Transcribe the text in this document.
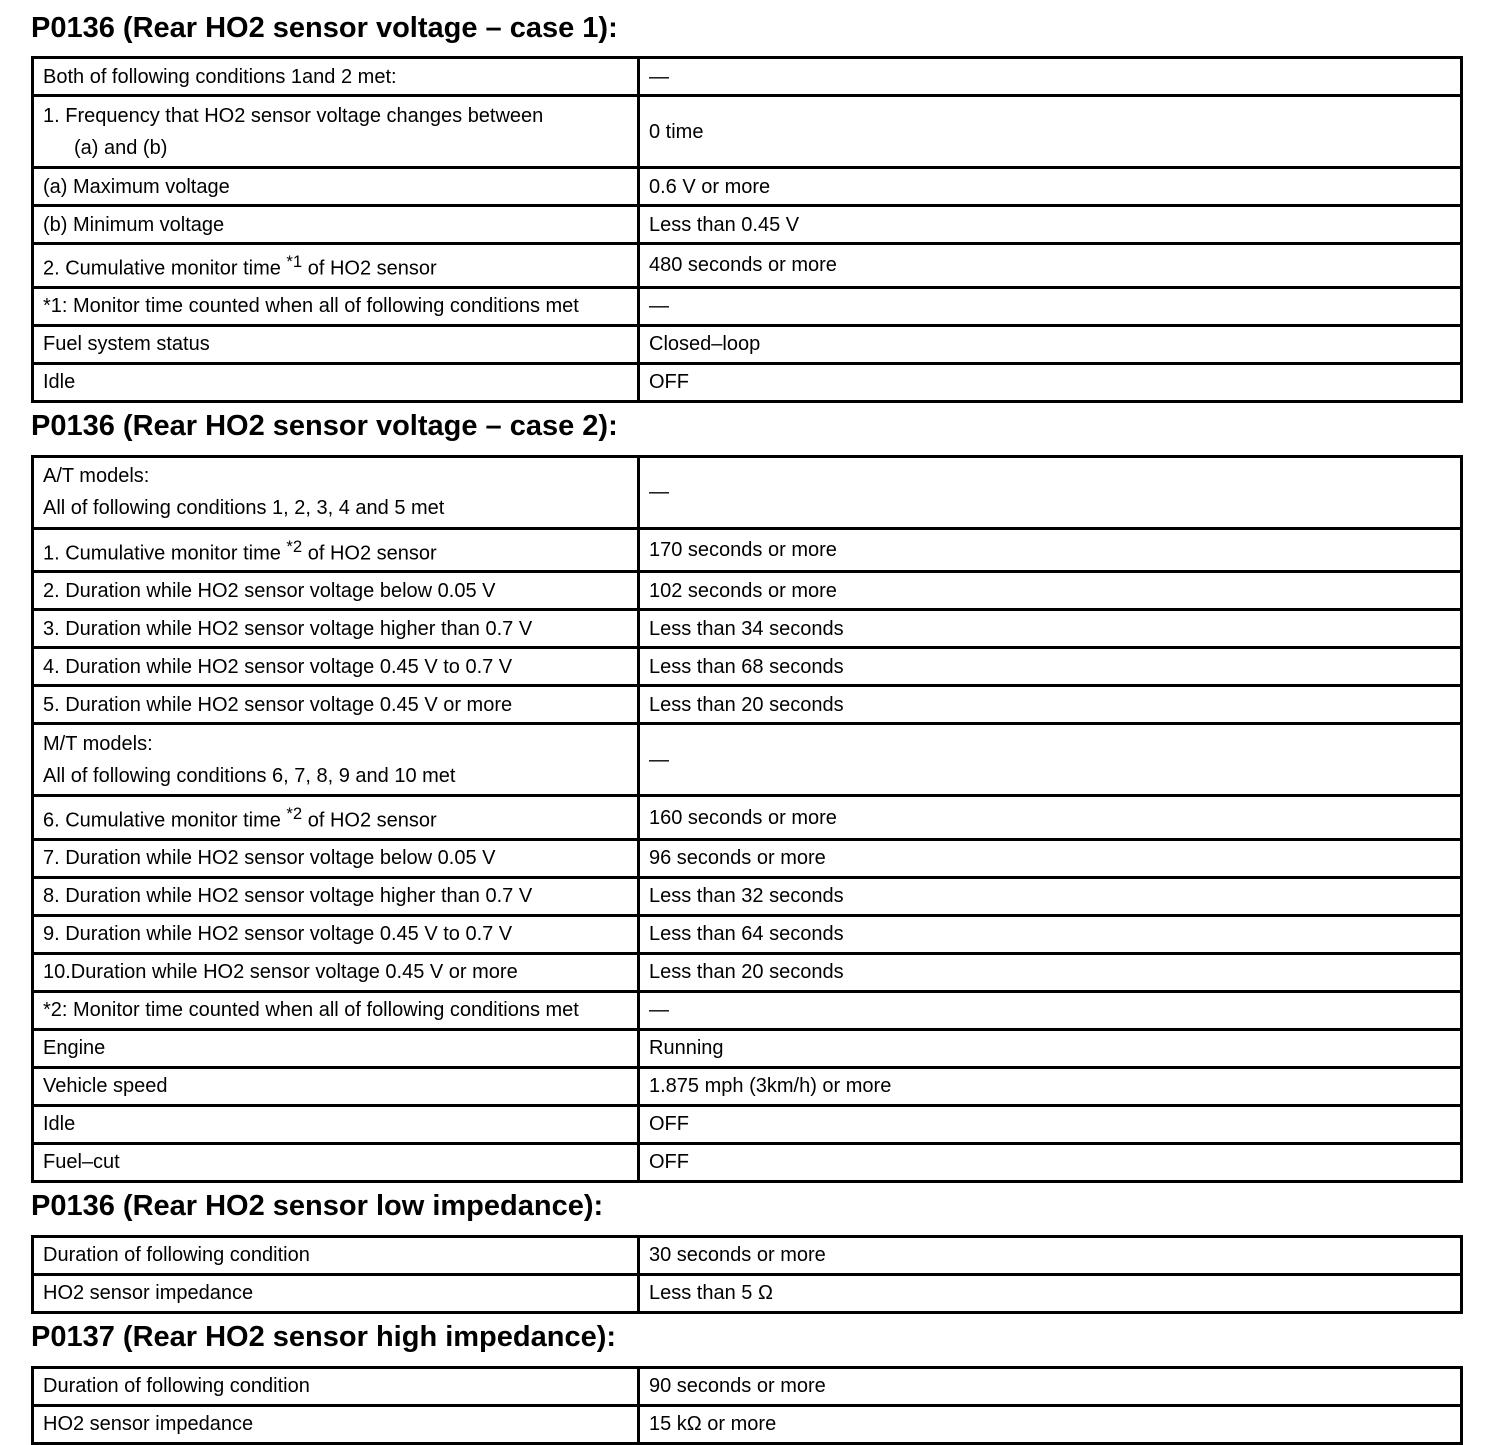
P0136 (Rear HO2 sensor voltage – case 1):
Both of following conditions 1and 2 met:	—
1. Frequency that HO2 sensor voltage changes between

(a) and (b)	0 time
(a) Maximum voltage	0.6 V or more
(b) Minimum voltage	Less than 0.45 V
2. Cumulative monitor time $^{*1}$ of HO2 sensor	480 seconds or more
*1: Monitor time counted when all of following conditions met	—
Fuel system status	Closed–loop
Idle	OFF
P0136 (Rear HO2 sensor voltage – case 2):
A/T models:
All of following conditions 1, 2, 3, 4 and 5 met	—
1. Cumulative monitor time $^{*2}$ of HO2 sensor	170 seconds or more
2. Duration while HO2 sensor voltage below 0.05 V	102 seconds or more
3. Duration while HO2 sensor voltage higher than 0.7 V	Less than 34 seconds
4. Duration while HO2 sensor voltage 0.45 V to 0.7 V	Less than 68 seconds
5. Duration while HO2 sensor voltage 0.45 V or more	Less than 20 seconds
M/T models:
All of following conditions 6, 7, 8, 9 and 10 met	—
6. Cumulative monitor time $^{*2}$ of HO2 sensor	160 seconds or more
7. Duration while HO2 sensor voltage below 0.05 V	96 seconds or more
8. Duration while HO2 sensor voltage higher than 0.7 V	Less than 32 seconds
9. Duration while HO2 sensor voltage 0.45 V to 0.7 V	Less than 64 seconds
10.Duration while HO2 sensor voltage 0.45 V or more	Less than 20 seconds
*2: Monitor time counted when all of following conditions met	—
Engine	Running
Vehicle speed	1.875 mph (3km/h) or more
Idle	OFF
Fuel–cut	OFF
P0136 (Rear HO2 sensor low impedance):
Duration of following condition	30 seconds or more
HO2 sensor impedance	Less than 5 Ω
P0137 (Rear HO2 sensor high impedance):
Duration of following condition	90 seconds or more
HO2 sensor impedance	15 kΩ or more
